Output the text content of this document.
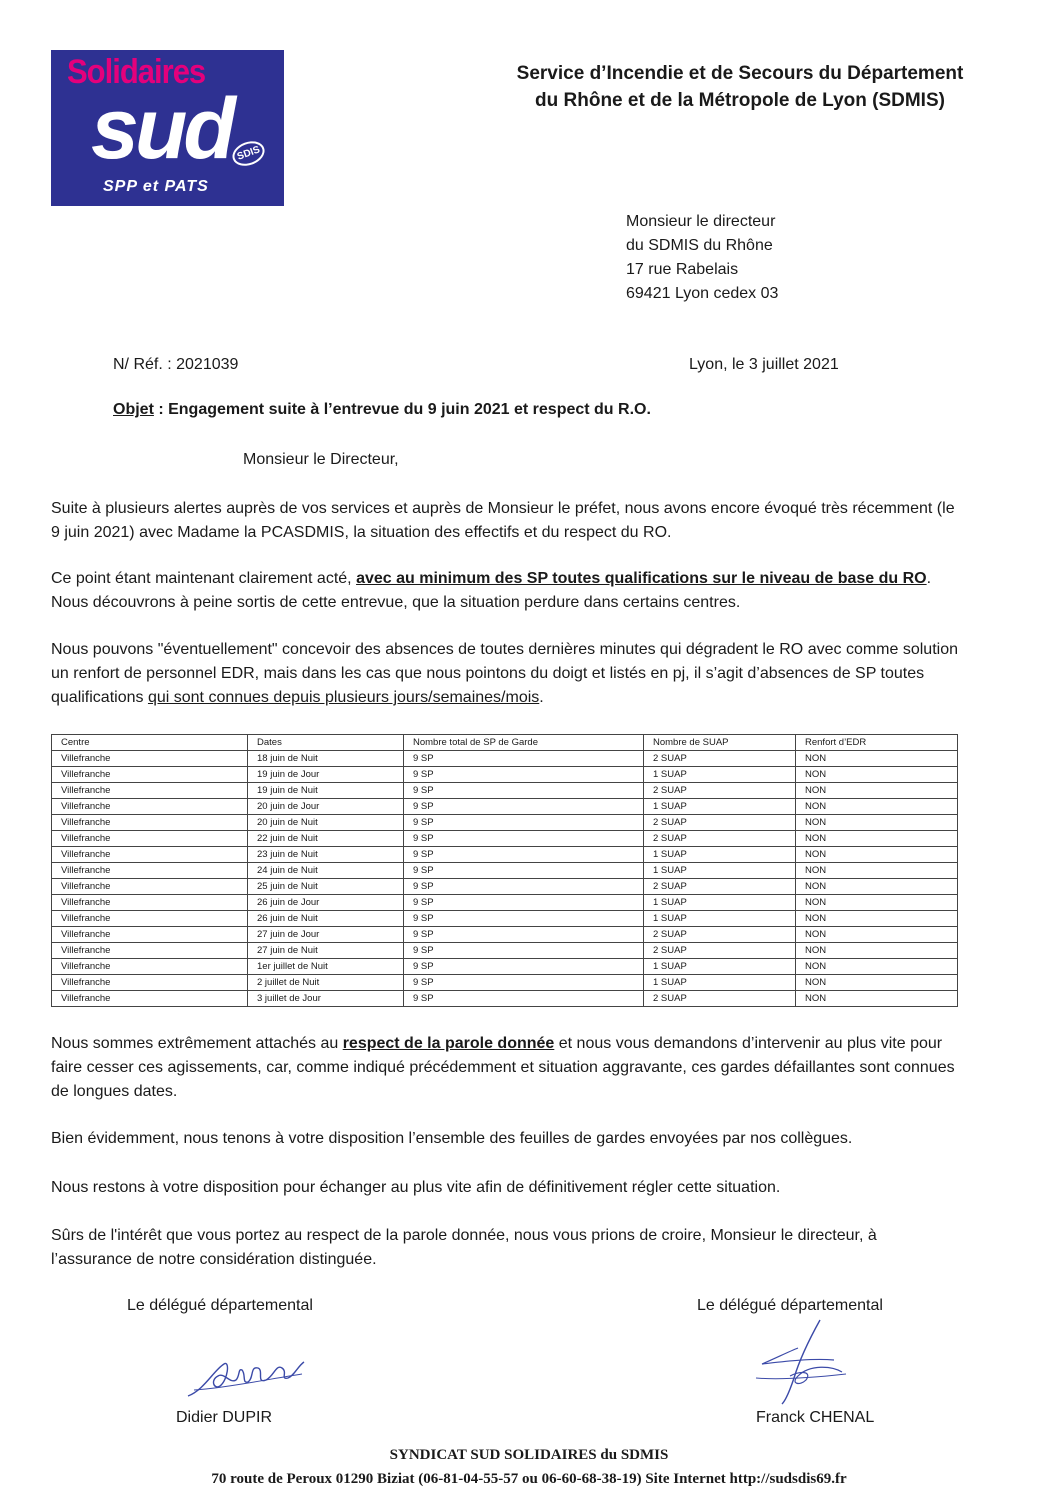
Solidaires
sud SDIS
SPP et PATS
Service d’Incendie et de Secours du Département
du Rhône et de la Métropole de Lyon (SDMIS)
Monsieur le directeur
du SDMIS du Rhône
17 rue Rabelais
69421 Lyon cedex 03
N/ Réf. : 2021039	Lyon, le 3 juillet 2021
Objet : Engagement suite à l’entrevue du 9 juin 2021 et respect du R.O.
Monsieur le Directeur,
Suite à plusieurs alertes auprès de vos services et auprès de Monsieur le préfet, nous avons encore évoqué très récemment (le 9 juin 2021) avec Madame la PCASDMIS, la situation des effectifs et du respect du RO.
Ce point étant maintenant clairement acté, avec au minimum des SP toutes qualifications sur le niveau de base du RO. Nous découvrons à peine sortis de cette entrevue, que la situation perdure dans certains centres.
Nous pouvons "éventuellement" concevoir des absences de toutes dernières minutes qui dégradent le RO avec comme solution un renfort de personnel EDR, mais dans les cas que nous pointons du doigt et listés en pj, il s’agit d’absences de SP toutes qualifications qui sont connues depuis plusieurs jours/semaines/mois.
Centre	Dates	Nombre total de SP de Garde	Nombre de SUAP	Renfort d’EDR
Villefranche	18 juin de Nuit	9 SP	2 SUAP	NON
Villefranche	19 juin de Jour	9 SP	1 SUAP	NON
Villefranche	19 juin de Nuit	9 SP	2 SUAP	NON
Villefranche	20 juin de Jour	9 SP	1 SUAP	NON
Villefranche	20 juin de Nuit	9 SP	2 SUAP	NON
Villefranche	22 juin de Nuit	9 SP	2 SUAP	NON
Villefranche	23 juin de Nuit	9 SP	1 SUAP	NON
Villefranche	24 juin de Nuit	9 SP	1 SUAP	NON
Villefranche	25 juin de Nuit	9 SP	2 SUAP	NON
Villefranche	26 juin de Jour	9 SP	1 SUAP	NON
Villefranche	26 juin de Nuit	9 SP	1 SUAP	NON
Villefranche	27 juin de Jour	9 SP	2 SUAP	NON
Villefranche	27 juin de Nuit	9 SP	2 SUAP	NON
Villefranche	1er juillet de Nuit	9 SP	1 SUAP	NON
Villefranche	2 juillet de Nuit	9 SP	1 SUAP	NON
Villefranche	3 juillet de Jour	9 SP	2 SUAP	NON
Nous sommes extrêmement attachés au respect de la parole donnée et nous vous demandons d’intervenir au plus vite pour faire cesser ces agissements, car, comme indiqué précédemment et situation aggravante, ces gardes défaillantes sont connues de longues dates.
Bien évidemment, nous tenons à votre disposition l’ensemble des feuilles de gardes envoyées par nos collègues.
Nous restons à votre disposition pour échanger au plus vite afin de définitivement régler cette situation.
Sûrs de l'intérêt que vous portez au respect de la parole donnée, nous vous prions de croire, Monsieur le directeur, à l’assurance de notre considération distinguée.
Le délégué départemental	Le délégué départemental
Didier DUPIR	Franck CHENAL
SYNDICAT SUD SOLIDAIRES du SDMIS
70 route de Peroux 01290 Biziat (06-81-04-55-57 ou 06-60-68-38-19) Site Internet http://sudsdis69.fr
